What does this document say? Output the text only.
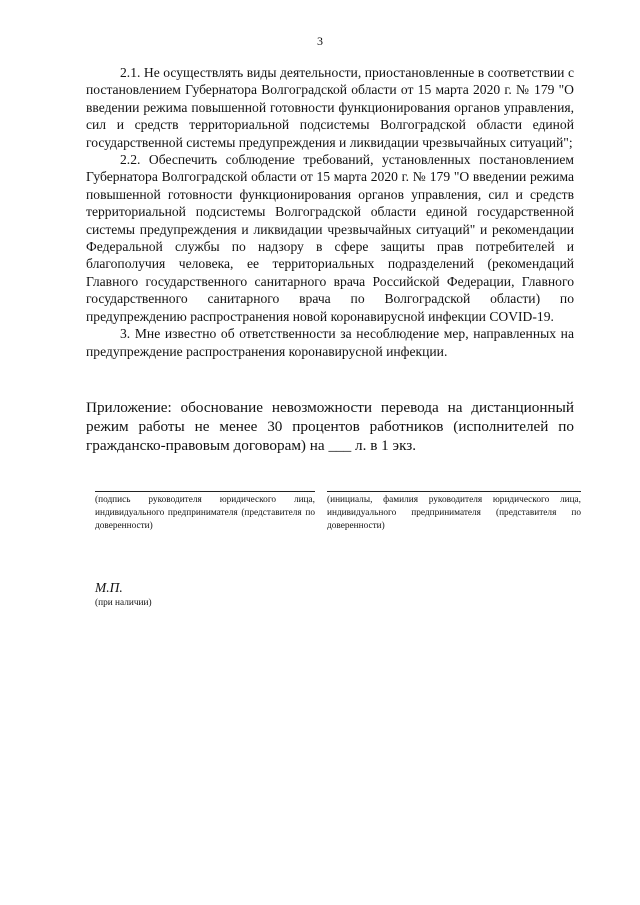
3

2.1. Не осуществлять виды деятельности, приостановленные в соответствии с постановлением Губернатора Волгоградской области от 15 марта 2020 г. № 179 "О введении режима повышенной готовности функционирования органов управления, сил и средств территориальной подсистемы Волгоградской области единой государственной системы предупреждения и ликвидации чрезвычайных ситуаций";

2.2. Обеспечить соблюдение требований, установленных постановлением Губернатора Волгоградской области от 15 марта 2020 г. № 179 "О введении режима повышенной готовности функционирования органов управления, сил и средств территориальной подсистемы Волгоградской области единой государственной системы предупреждения и ликвидации чрезвычайных ситуаций" и рекомендации Федеральной службы по надзору в сфере защиты прав потребителей и благополучия человека, ее территориальных подразделений (рекомендаций Главного государственного санитарного врача Российской Федерации, Главного государственного санитарного врача по Волгоградской области) по предупреждению распространения новой коронавирусной инфекции COVID-19.

3. Мне известно об ответственности за несоблюдение мер, направленных на предупреждение распространения коронавирусной инфекции.

Приложение: обоснование невозможности перевода на дистанционный режим работы не менее 30 процентов работников (исполнителей по гражданско-правовым договорам) на ___ л. в 1 экз.

(подпись руководителя юридического лица, индивидуального предпринимателя (представителя по доверенности)
(инициалы, фамилия руководителя юридического лица, индивидуального предпринимателя (представителя по доверенности)
М.П.
(при наличии)
